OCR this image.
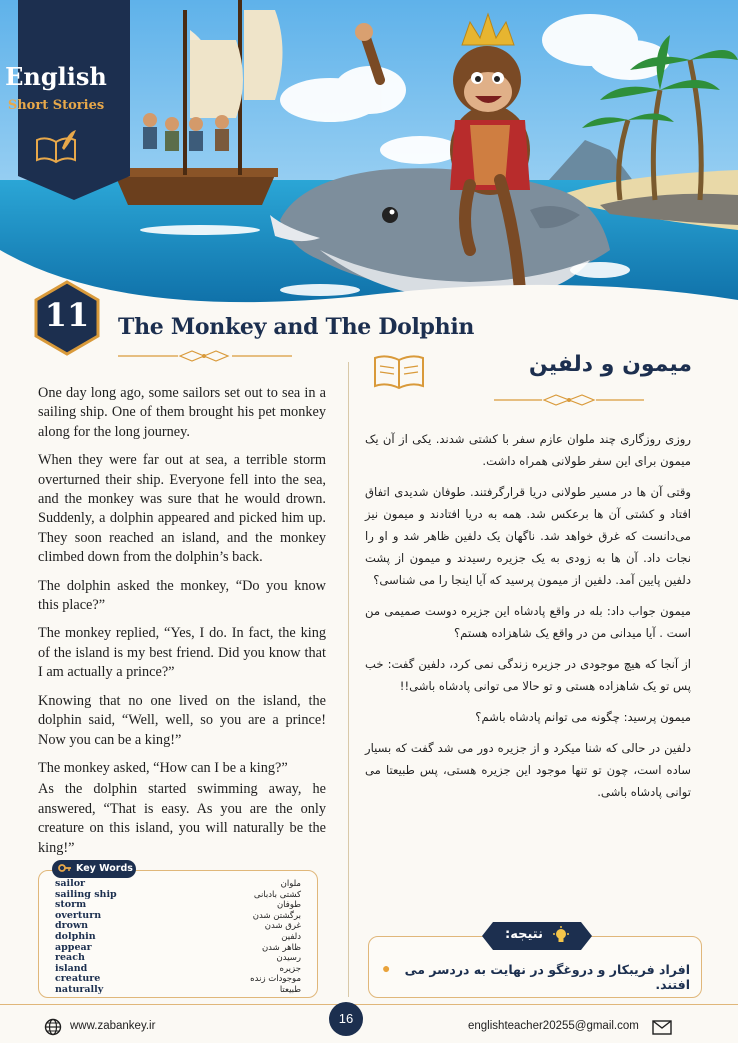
English
Short Stories
11	The Monkey and The Dolphin
میمون و دلفین

One day long ago, some sailors set out to sea in a sailing ship. One of them brought his pet monkey along for the long journey.

When they were far out at sea, a terrible storm overturned their ship. Everyone fell into the sea, and the monkey was sure that he would drown. Suddenly, a dolphin appeared and picked him up. They soon reached an island, and the monkey climbed down from the dolphin’s back.

The dolphin asked the monkey, “Do you know this place?”

The monkey replied, “Yes, I do. In fact, the king of the island is my best friend. Did you know that I am actually a prince?”

Knowing that no one lived on the island, the dolphin said, “Well, well, so you are a prince! Now you can be a king!”

The monkey asked, “How can I be a king?”

As the dolphin started swimming away, he answered, “That is easy. As you are the only creature on this island, you will naturally be the king!”

روزی روزگاری چند ملوان عازم سفر با کشتی شدند. یکی از آن یک میمون برای این سفر طولانی همراه داشت.

وقتی آن ها در مسیر طولانی دریا قرارگرفتند. طوفان شدیدی اتفاق افتاد و کشتی آن ها برعکس شد. همه به دریا افتادند و میمون نیز می‌دانست که غرق خواهد شد. ناگهان یک دلفین ظاهر شد و او را نجات داد. آن ها به زودی به یک جزیره رسیدند و میمون از پشت دلفین پایین آمد. دلفین از میمون پرسید که آیا اینجا را می شناسی؟

میمون جواب داد: بله در واقع پادشاه این جزیره دوست صمیمی من است . آیا میدانی من در واقع یک شاهزاده هستم؟

از آنجا که هیچ موجودی در جزیره زندگی نمی کرد، دلفین گفت: خب پس تو یک شاهزاده هستی و تو حالا می توانی پادشاه باشی!!

میمون پرسید: چگونه می توانم پادشاه باشم؟

دلفین در حالی که شنا میکرد و از جزیره دور می شد گفت که بسیار ساده است، چون تو تنها موجود این جزیره هستی، پس طبیعتا می توانی پادشاه باشی.

Key Words
sailor	ملوان
sailing ship	کشتی بادبانی
storm	طوفان
overturn	برگشتن شدن
drown	غرق شدن
dolphin	دلفین
appear	ظاهر شدن
reach	رسیدن
island	جزیره
creature	موجودات زنده
naturally	طبیعتا
نتیجه:
افراد فریبکار و دروغگو در نهایت به دردسر می افتند.
●
www.zabankey.ir	16	englishteacher20255@gmail.com
